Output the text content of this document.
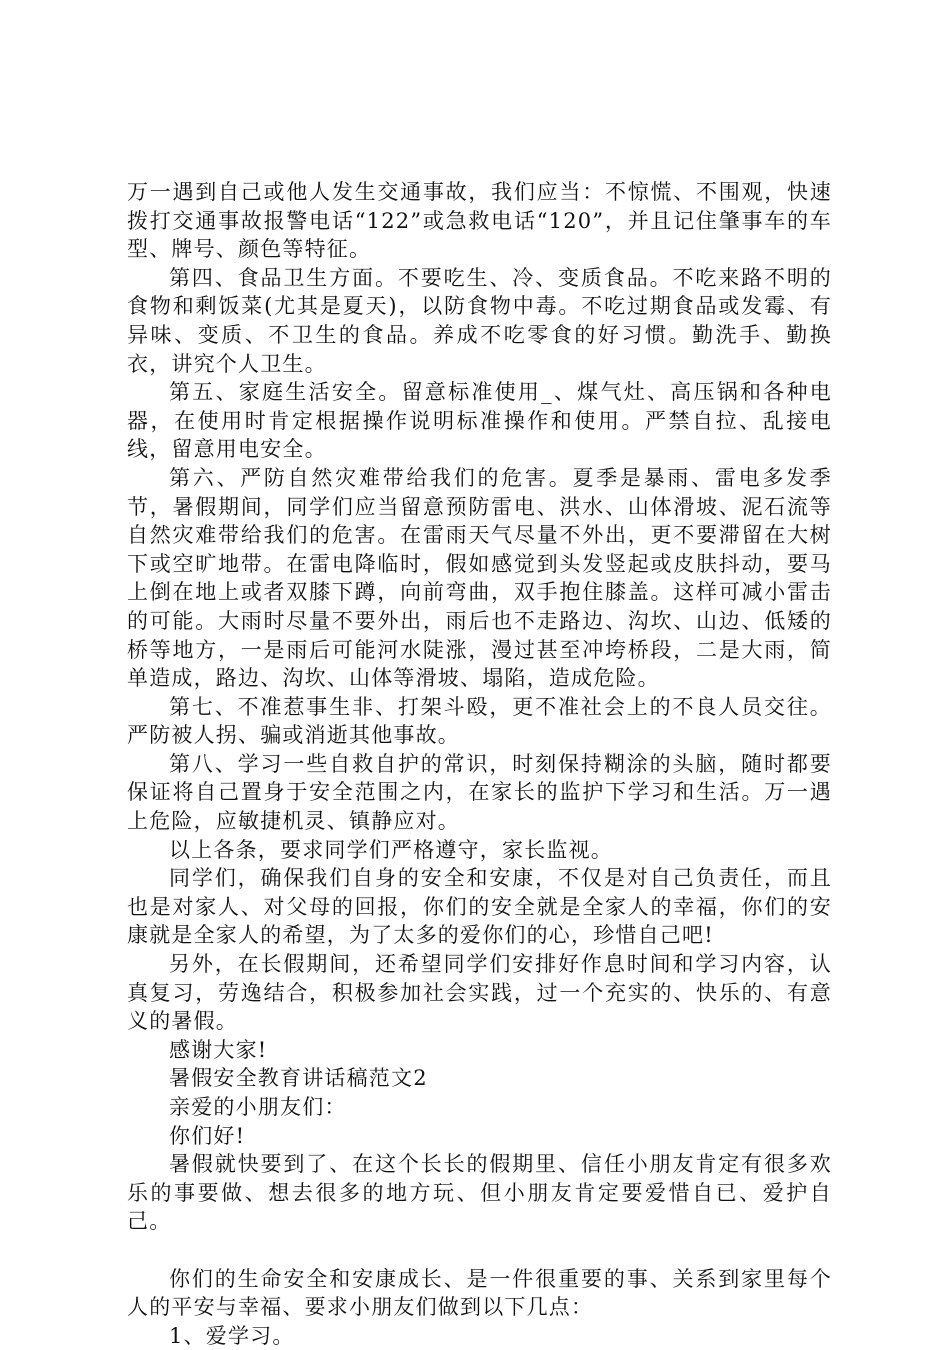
万一遇到自己或他人发生交通事故，我们应当：不惊慌、不围观，快速拨打交通事故报警电话“122”或急救电话“120”，并且记住肇事车的车型、牌号、颜色等特征。

第四、食品卫生方面。不要吃生、冷、变质食品。不吃来路不明的食物和剩饭菜(尤其是夏天)，以防食物中毒。不吃过期食品或发霉、有异味、变质、不卫生的食品。养成不吃零食的好习惯。勤洗手、勤换衣，讲究个人卫生。

第五、家庭生活安全。留意标准使用_、煤气灶、高压锅和各种电器，在使用时肯定根据操作说明标准操作和使用。严禁自拉、乱接电线，留意用电安全。

第六、严防自然灾难带给我们的危害。夏季是暴雨、雷电多发季节，暑假期间，同学们应当留意预防雷电、洪水、山体滑坡、泥石流等自然灾难带给我们的危害。在雷雨天气尽量不外出，更不要滞留在大树下或空旷地带。在雷电降临时，假如感觉到头发竖起或皮肤抖动，要马上倒在地上或者双膝下蹲，向前弯曲，双手抱住膝盖。这样可减小雷击的可能。大雨时尽量不要外出，雨后也不走路边、沟坎、山边、低矮的桥等地方，一是雨后可能河水陡涨，漫过甚至冲垮桥段，二是大雨，简单造成，路边、沟坎、山体等滑坡、塌陷，造成危险。

第七、不准惹事生非、打架斗殴，更不准社会上的不良人员交往。严防被人拐、骗或消逝其他事故。

第八、学习一些自救自护的常识，时刻保持糊涂的头脑，随时都要保证将自己置身于安全范围之内，在家长的监护下学习和生活。万一遇上危险，应敏捷机灵、镇静应对。

以上各条，要求同学们严格遵守，家长监视。

同学们，确保我们自身的安全和安康，不仅是对自己负责任，而且也是对家人、对父母的回报，你们的安全就是全家人的幸福，你们的安康就是全家人的希望，为了太多的爱你们的心，珍惜自己吧!

另外，在长假期间，还希望同学们安排好作息时间和学习内容，认真复习，劳逸结合，积极参加社会实践，过一个充实的、快乐的、有意义的暑假。

感谢大家!

暑假安全教育讲话稿范文2

亲爱的小朋友们：

你们好!

暑假就快要到了、在这个长长的假期里、信任小朋友肯定有很多欢乐的事要做、想去很多的地方玩、但小朋友肯定要爱惜自已、爱护自己。

你们的生命安全和安康成长、是一件很重要的事、关系到家里每个人的平安与幸福、要求小朋友们做到以下几点：

1、爱学习。
